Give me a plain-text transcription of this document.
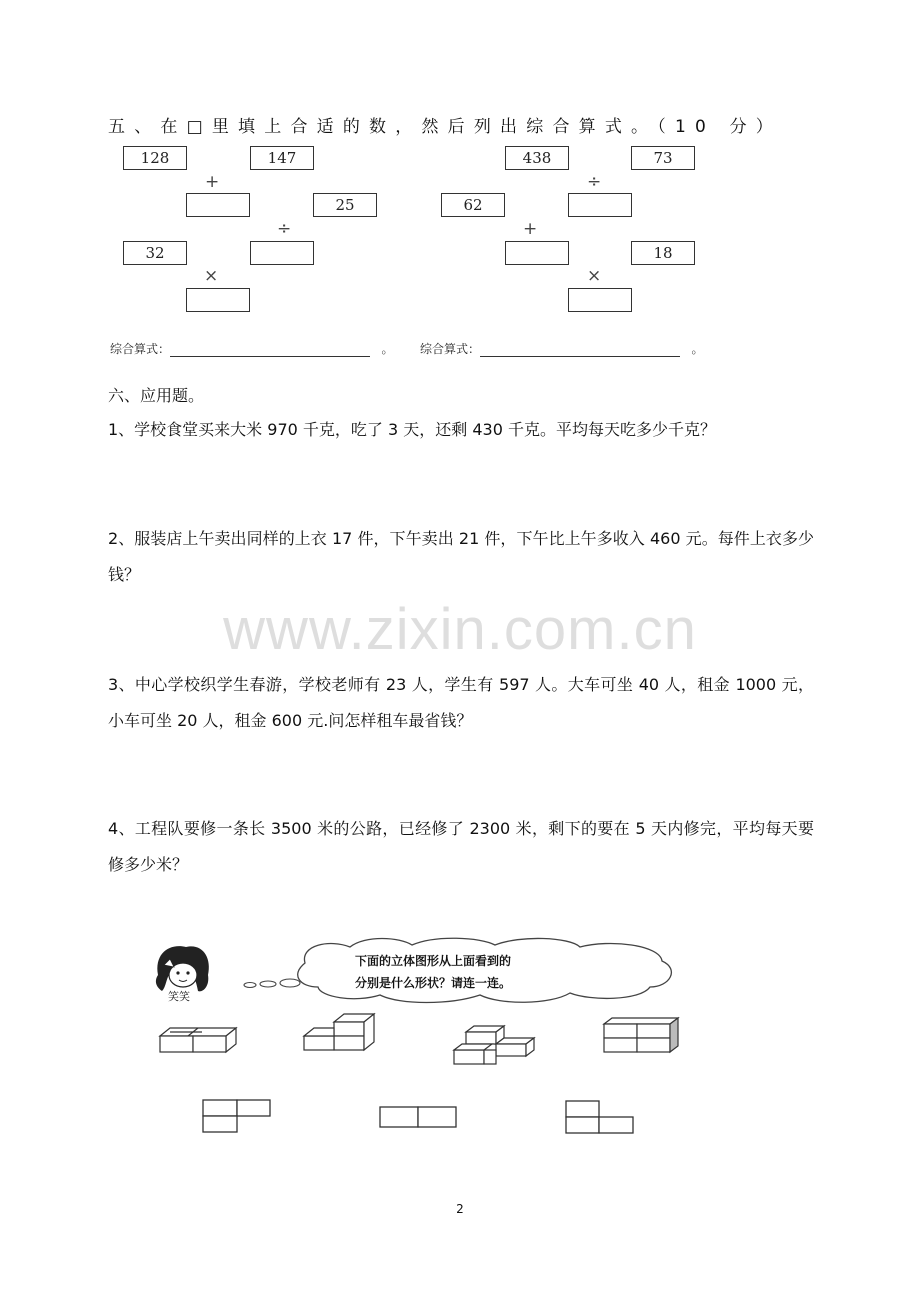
五、在□里填上合适的数，然后列出综合算式。（10 分）
128	147
+
25
÷
32
×
438	73
÷
62
+
18
×
综合算式：	。 综合算式：	。
六、应用题。
1、学校食堂买来大米 970 千克，吃了 3 天，还剩 430 千克。平均每天吃多少千克？
2、服装店上午卖出同样的上衣 17 件，下午卖出 21 件，下午比上午多收入 460 元。每件上衣多少钱？
www.zixin.com.cn
3、中心学校织学生春游，学校老师有 23 人，学生有 597 人。大车可坐 40 人，租金 1000 元，小车可坐 20 人，租金 600 元.问怎样租车最省钱？
4、工程队要修一条长 3500 米的公路，已经修了 2300 米，剩下的要在 5 天内修完，平均每天要修多少米？
笑笑
下面的立体图形从上面看到的
分别是什么形状？请连一连。
2
